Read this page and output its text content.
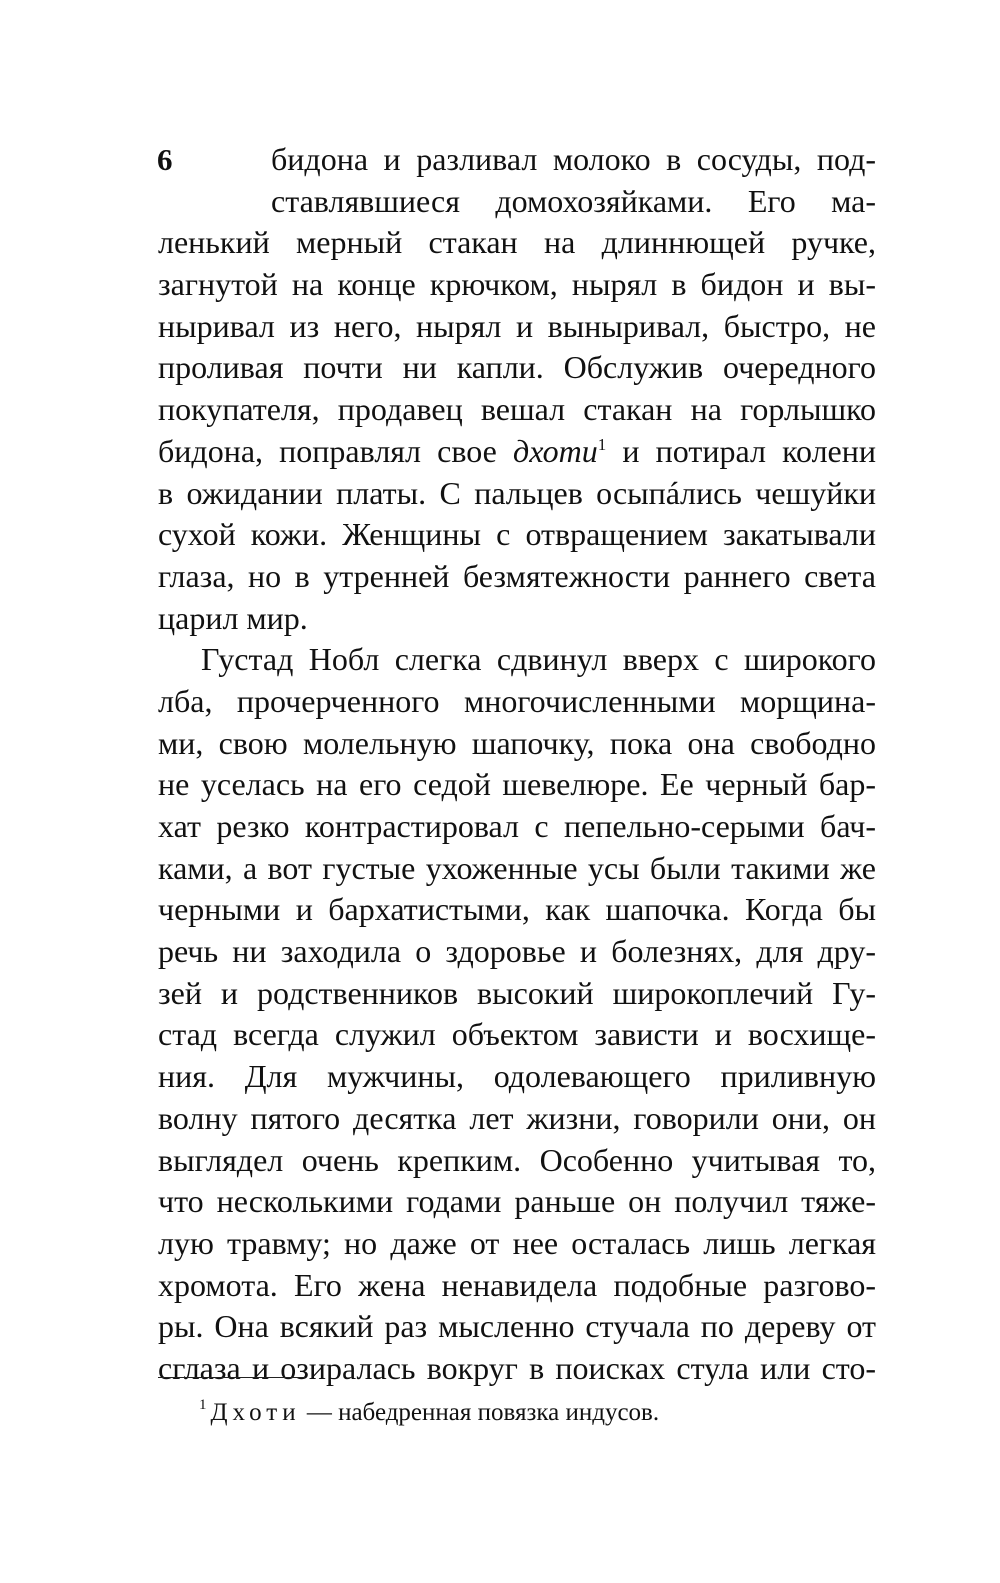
6	бидона и разливал молоко в сосуды, под-
ставлявшиеся домохозяйками. Его ма-
ленький мерный стакан на длиннющей ручке,
загнутой на конце крючком, нырял в бидон и вы-
ныривал из него, нырял и выныривал, быстро, не
проливая почти ни капли. Обслужив очередного
покупателя, продавец вешал стакан на горлышко
бидона, поправлял свое дхоти$^1$ и потирал колени
в ожидании платы. С пальцев осыпáлись чешуйки
сухой кожи. Женщины с отвращением закатывали
глаза, но в утренней безмятежности раннего света
царил мир.
Густад Нобл слегка сдвинул вверх с широкого
лба, прочерченного многочисленными морщина-
ми, свою молельную шапочку, пока она свободно
не уселась на его седой шевелюре. Ее черный бар-
хат резко контрастировал с пепельно-серыми бач-
ками, а вот густые ухоженные усы были такими же
черными и бархатистыми, как шапочка. Когда бы
речь ни заходила о здоровье и болезнях, для дру-
зей и родственников высокий широкоплечий Гу-
стад всегда служил объектом зависти и восхище-
ния. Для мужчины, одолевающего приливную
волну пятого десятка лет жизни, говорили они, он
выглядел очень крепким. Особенно учитывая то,
что несколькими годами раньше он получил тяже-
лую травму; но даже от нее осталась лишь легкая
хромота. Его жена ненавидела подобные разгово-
ры. Она всякий раз мысленно стучала по дереву от
сглаза и озиралась вокруг в поисках стула или сто-
$^1$ Дхоти — набедренная повязка индусов.
